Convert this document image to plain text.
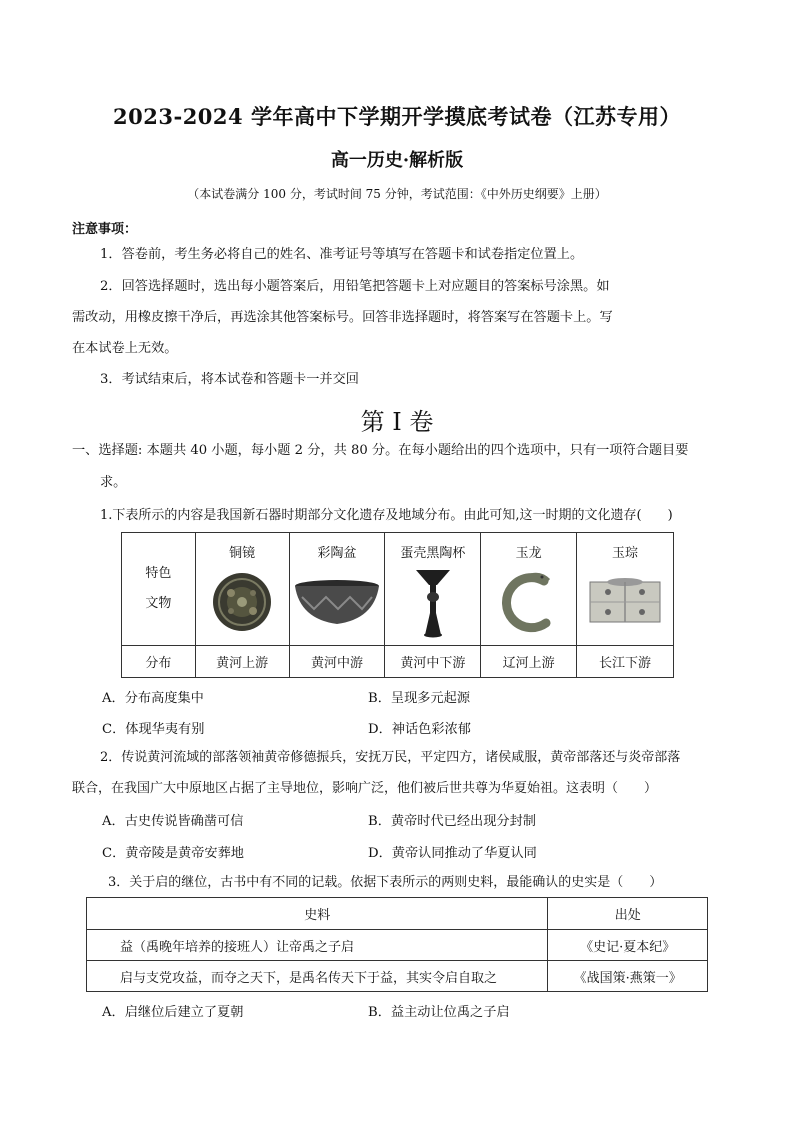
2023-2024 学年高中下学期开学摸底考试卷（江苏专用）
高一历史·解析版
（本试卷满分 100 分，考试时间 75 分钟，考试范围：《中外历史纲要》上册）
注意事项：
1．答卷前，考生务必将自己的姓名、准考证号等填写在答题卡和试卷指定位置上。
2．回答选择题时，选出每小题答案后，用铅笔把答题卡上对应题目的答案标号涂黑。如
需改动，用橡皮擦干净后，再选涂其他答案标号。回答非选择题时，将答案写在答题卡上。写
在本试卷上无效。
3．考试结束后，将本试卷和答题卡一并交回
第 I 卷
一、选择题: 本题共 40 小题，每小题 2 分，共 80 分。在每小题给出的四个选项中，只有一项符合题目要
求。
1.下表所示的内容是我国新石器时期部分文化遗存及地域分布。由此可知,这一时期的文化遗存(　　)
特色
文物	铜镜	彩陶盆	蛋壳黑陶杯	玉龙	玉琮

分布	黄河上游	黄河中游	黄河中下游	辽河上游	长江下游
A．分布高度集中	B．呈现多元起源
C．体现华夷有别	D．神话色彩浓郁
2．传说黄河流域的部落领袖黄帝修德振兵，安抚万民，平定四方，诸侯咸服，黄帝部落还与炎帝部落
联合，在我国广大中原地区占据了主导地位，影响广泛，他们被后世共尊为华夏始祖。这表明（　　）
A．古史传说皆确凿可信	B．黄帝时代已经出现分封制
C．黄帝陵是黄帝安葬地	D．黄帝认同推动了华夏认同
3．关于启的继位，古书中有不同的记载。依据下表所示的两则史料，最能确认的史实是（　　）
史料	出处
益（禹晚年培养的接班人）让帝禹之子启	《史记·夏本纪》
启与支党攻益，而夺之天下，是禹名传天下于益，其实令启自取之	《战国策·燕策一》
A．启继位后建立了夏朝	B．益主动让位禹之子启
